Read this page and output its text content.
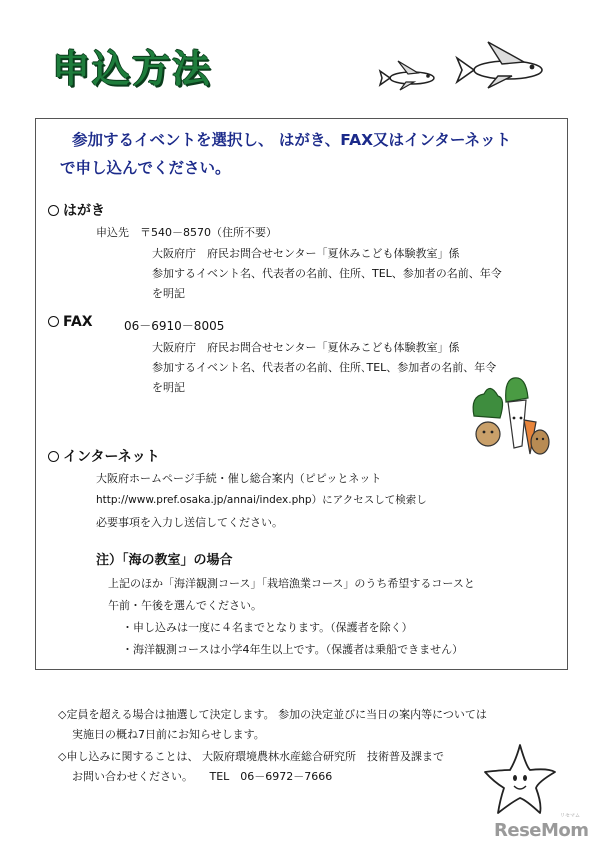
申込方法
参加するイベントを選択し、 はがき、FAX又はインターネット
で申し込んでください。
はがき
申込先　〒540－8570（住所不要）
大阪府庁　府民お問合せセンター「夏休みこども体験教室」係
参加するイベント名、代表者の名前、住所、TEL、参加者の名前、年令
を明記
FAX	06－6910－8005
大阪府庁　府民お問合せセンター「夏休みこども体験教室」係
参加するイベント名、代表者の名前、住所､TEL、参加者の名前、年令
を明記
インターネット
大阪府ホームページ手続・催し総合案内（ピピッとネット
http://www.pref.osaka.jp/annai/index.php）にアクセスして検索し
必要事項を入力し送信してください。
注）「海の教室」の場合
上記のほか「海洋観測コース」「栽培漁業コース」のうち希望するコースと
午前・午後を選んでください。
・申し込みは一度に４名までとなります。（保護者を除く）
・海洋観測コースは小学4年生以上です。（保護者は乗船できません）
◇定員を超える場合は抽選して決定します。 参加の決定並びに当日の案内等については
実施日の概ね7日前にお知らせします。
◇申し込みに関することは、 大阪府環境農林水産総合研究所　技術普及課まで
お問い合わせください。　　TEL　06－6972－7666
ReseMom
リセマム
